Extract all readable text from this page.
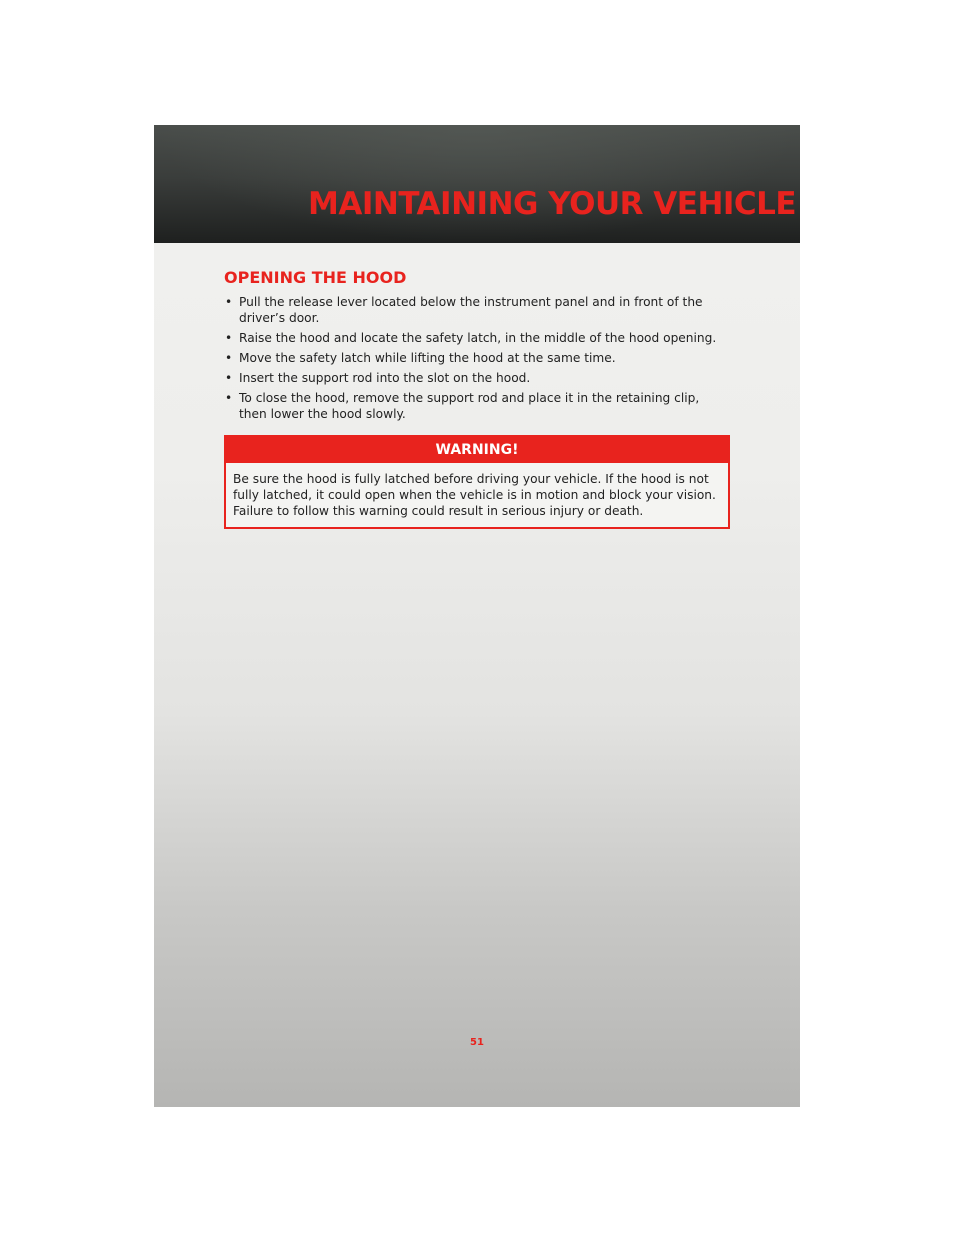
MAINTAINING YOUR VEHICLE
OPENING THE HOOD
• Pull the release lever located below the instrument panel and in front of the driver’s door.
• Raise the hood and locate the safety latch, in the middle of the hood opening.
• Move the safety latch while lifting the hood at the same time.
• Insert the support rod into the slot on the hood.
• To close the hood, remove the support rod and place it in the retaining clip, then lower the hood slowly.
WARNING!
Be sure the hood is fully latched before driving your vehicle. If the hood is not fully latched, it could open when the vehicle is in motion and block your vision. Failure to follow this warning could result in serious injury or death.
51
